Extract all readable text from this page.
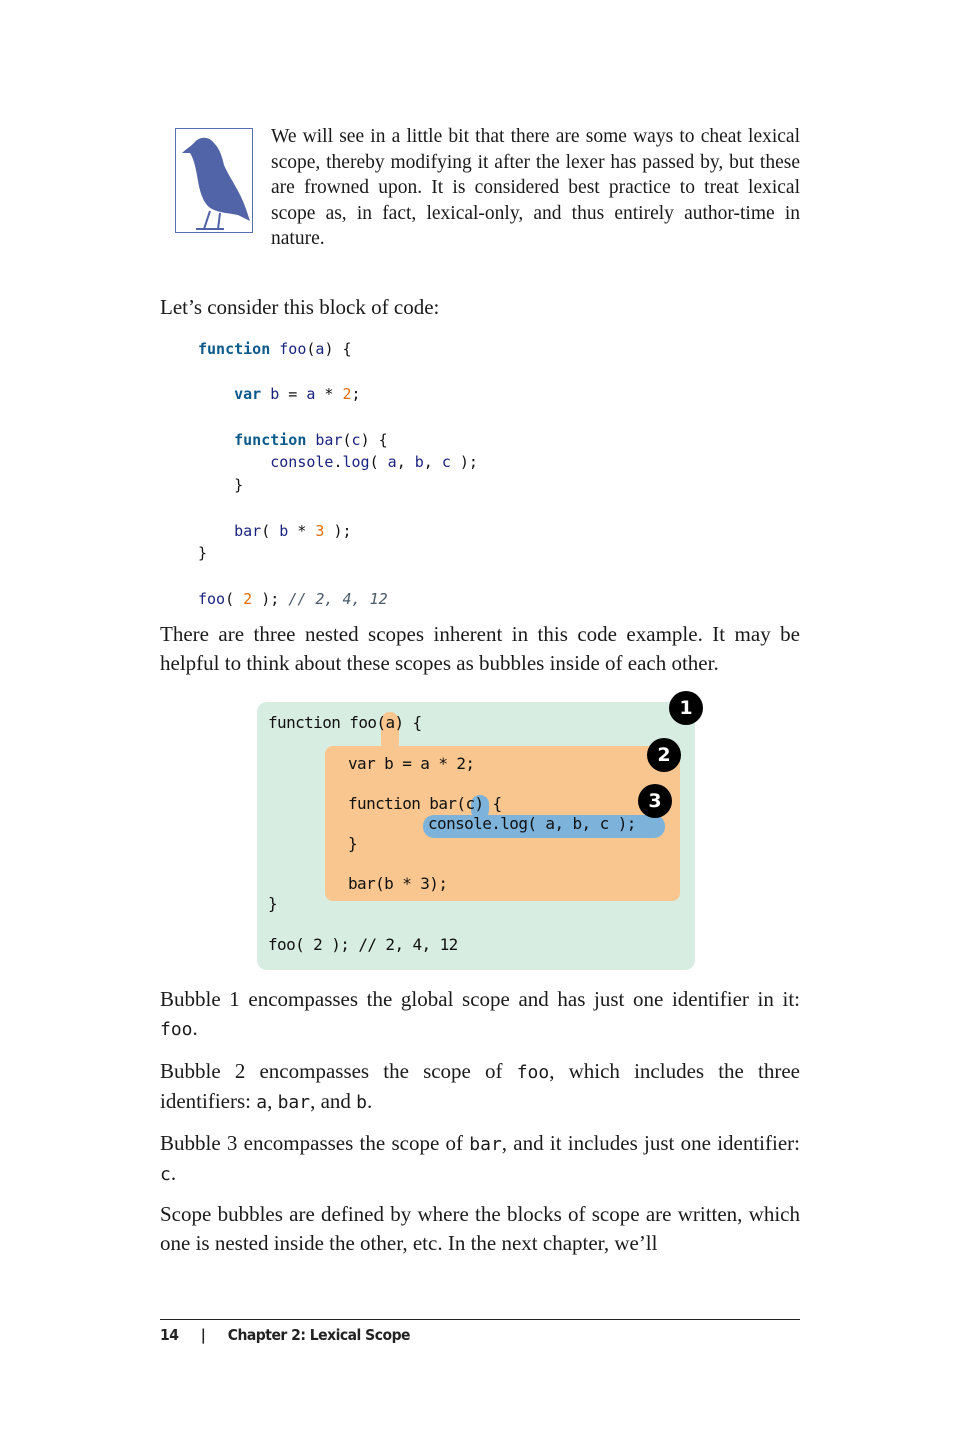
We will see in a little bit that there are some ways to cheat lexical scope, thereby modifying it after the lexer has passed by, but these are frowned upon. It is considered best practice to treat lexical scope as, in fact, lexical-only, and thus entirely author-time in nature.
Let’s consider this block of code:
function foo(a) {
var b = a * 2;
function bar(c) {
console.log( a, b, c );
}
bar( b * 3 );
}
foo( 2 ); // 2, 4, 12
There are three nested scopes inherent in this code example. It may be helpful to think about these scopes as bubbles inside of each other.
function foo(a) {
var b = a * 2;
function bar(c) {
console.log( a, b, c );
}
bar(b * 3);
}
foo( 2 ); // 2, 4, 12
1
2
3
Bubble 1 encompasses the global scope and has just one identifier in it: foo.
Bubble 2 encompasses the scope of foo, which includes the three identifiers: a, bar, and b.
Bubble 3 encompasses the scope of bar, and it includes just one identifier: c.
Scope bubbles are defined by where the blocks of scope are written, which one is nested inside the other, etc. In the next chapter, we’ll
14 | Chapter 2: Lexical Scope
